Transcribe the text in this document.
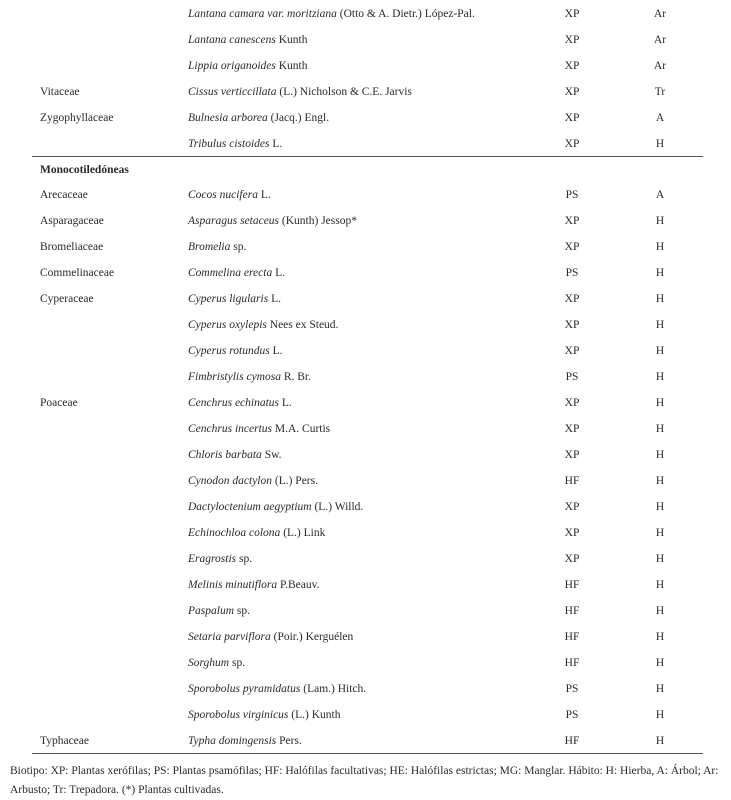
Lantana camara var. moritziana (Otto & A. Dietr.) López-Pal.	XP	Ar
Lantana canescens Kunth	XP	Ar
Lippia origanoides Kunth	XP	Ar
Vitaceae	Cissus verticcillata (L.) Nicholson & C.E. Jarvis	XP	Tr
Zygophyllaceae	Bulnesia arborea (Jacq.) Engl.	XP	A
Tribulus cistoides L.	XP	H
Monocotiledóneas
Arecaceae	Cocos nucifera L.	PS	A
Asparagaceae	Asparagus setaceus (Kunth) Jessop*	XP	H
Bromeliaceae	Bromelia sp.	XP	H
Commelinaceae	Commelina erecta L.	PS	H
Cyperaceae	Cyperus ligularis L.	XP	H
Cyperus oxylepis Nees ex Steud.	XP	H
Cyperus rotundus L.	XP	H
Fimbristylis cymosa R. Br.	PS	H
Poaceae	Cenchrus echinatus L.	XP	H
Cenchrus incertus M.A. Curtis	XP	H
Chloris barbata Sw.	XP	H
Cynodon dactylon (L.) Pers.	HF	H
Dactyloctenium aegyptium (L.) Willd.	XP	H
Echinochloa colona (L.) Link	XP	H
Eragrostis sp.	XP	H
Melinis minutiflora P.Beauv.	HF	H
Paspalum sp.	HF	H
Setaria parviflora (Poir.) Kerguélen	HF	H
Sorghum sp.	HF	H
Sporobolus pyramidatus (Lam.) Hitch.	PS	H
Sporobolus virginicus (L.) Kunth	PS	H
Typhaceae	Typha domingensis Pers.	HF	H
Biotipo: XP: Plantas xerófilas; PS: Plantas psamófilas; HF: Halófilas facultativas; HE: Halófilas estrictas; MG: Manglar. Hábito: H: Hierba, A: Árbol; Ar: Arbusto; Tr: Trepadora. (*) Plantas cultivadas.
